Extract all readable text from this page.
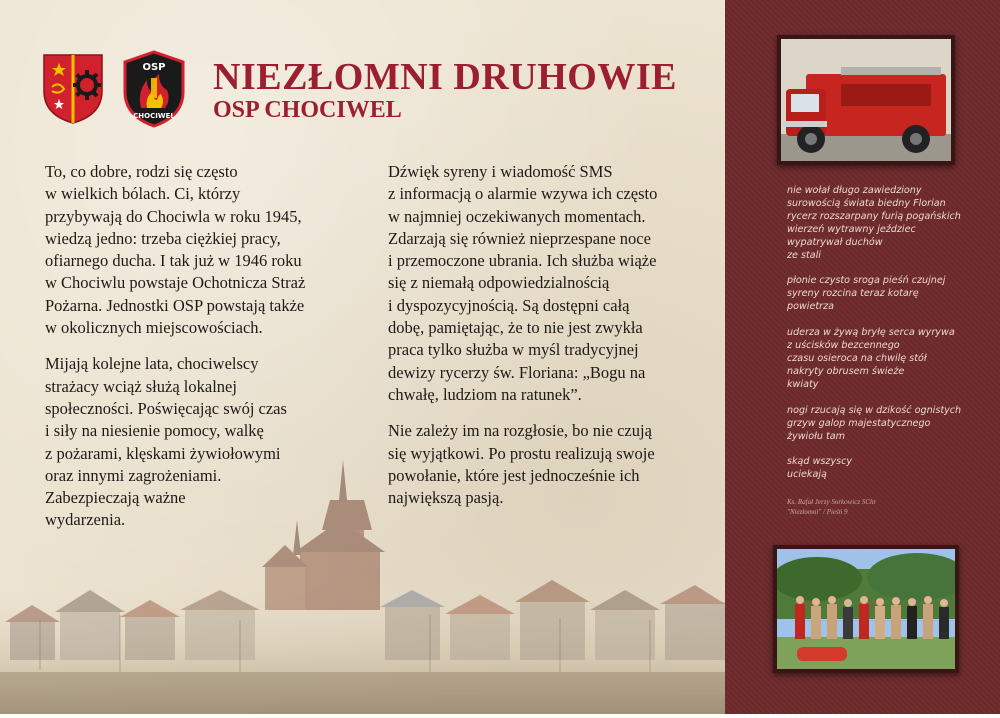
OSP
CHOCIWEL
NIEZŁOMNI DRUHOWIE
OSP CHOCIWEL

To, co dobre, rodzi się często
w wielkich bólach. Ci, którzy
przybywają do Chociwla w roku 1945,
wiedzą jedno: trzeba ciężkiej pracy,
ofiarnego ducha. I tak już w 1946 roku
w Chociwlu powstaje Ochotnicza Straż
Pożarna. Jednostki OSP powstają także
w okolicznych miejscowościach.

Mijają kolejne lata, chociwelscy
strażacy wciąż służą lokalnej
społeczności. Poświęcając swój czas
i siły na niesienie pomocy, walkę
z pożarami, klęskami żywiołowymi
oraz innymi zagrożeniami.
Zabezpieczają ważne
wydarzenia.

Dźwięk syreny i wiadomość SMS
z informacją o alarmie wzywa ich często
w najmniej oczekiwanych momentach.
Zdarzają się również nieprzespane noce
i przemoczone ubrania. Ich służba wiąże
się z niemałą odpowiedzialnością
i dyspozycyjnością. Są dostępni całą
dobę, pamiętając, że to nie jest zwykła
praca tylko służba w myśl tradycyjnej
dewizy rycerzy św. Floriana: „Bogu na
chwałę, ludziom na ratunek”.

Nie zależy im na rozgłosie, bo nie czują
się wyjątkowi. Po prostu realizują swoje
powołanie, które jest jednocześnie ich
największą pasją.

nie wołał długo zawiedziony
surowością świata biedny Florian
rycerz rozszarpany furią pogańskich
wierzeń wytrawny jeździec
wypatrywał duchów
ze stali

płonie czysto sroga pieśń czujnej
syreny rozcina teraz kotarę
powietrza

uderza w żywą bryłę serca wyrywa
z uścisków bezcennego
czasu osieroca na chwilę stół
nakryty obrusem świeże
kwiaty

nogi rzucają się w dzikość ognistych
grzyw galop majestatycznego
żywiołu tam

skąd wszyscy
uciekają

Ks. Rafał Jerzy Sorkowicz SChr
"Niezłomni" / Pieśń 9
